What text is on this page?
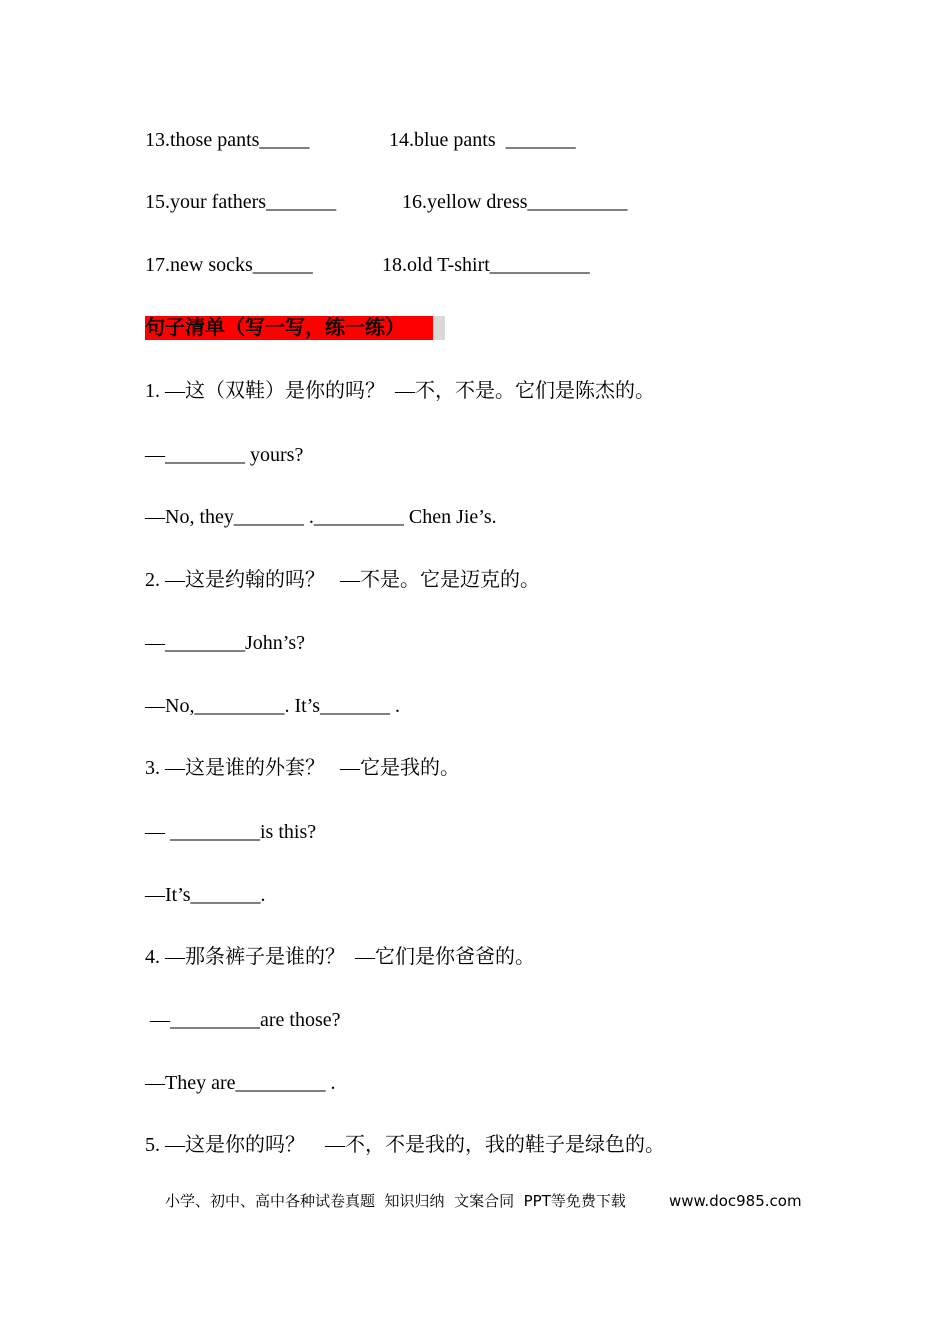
13.those pants_____

	14.blue pants  _______

15.your fathers_______

	16.yellow dress__________

17.new socks______

	18.old T-shirt__________

句子清单（写一写，练一练）

1. —这（双鞋）是你的吗？  —不，不是。它们是陈杰的。
—________ yours?
—No, they_______ ._________ Chen Jie’s.
2. —这是约翰的吗？   —不是。它是迈克的。
—________John’s?
—No,_________. It’s_______ .
3. —这是谁的外套？   —它是我的。
— _________is this?
—It’s_______.
4. —那条裤子是谁的？  —它们是你爸爸的。
—_________are those?
—They are_________ .
5. —这是你的吗？    —不，不是我的，我的鞋子是绿色的。
小学、初中、高中各种试卷真题  知识归纳  文案合同  PPT等免费下载	www.doc985.com
